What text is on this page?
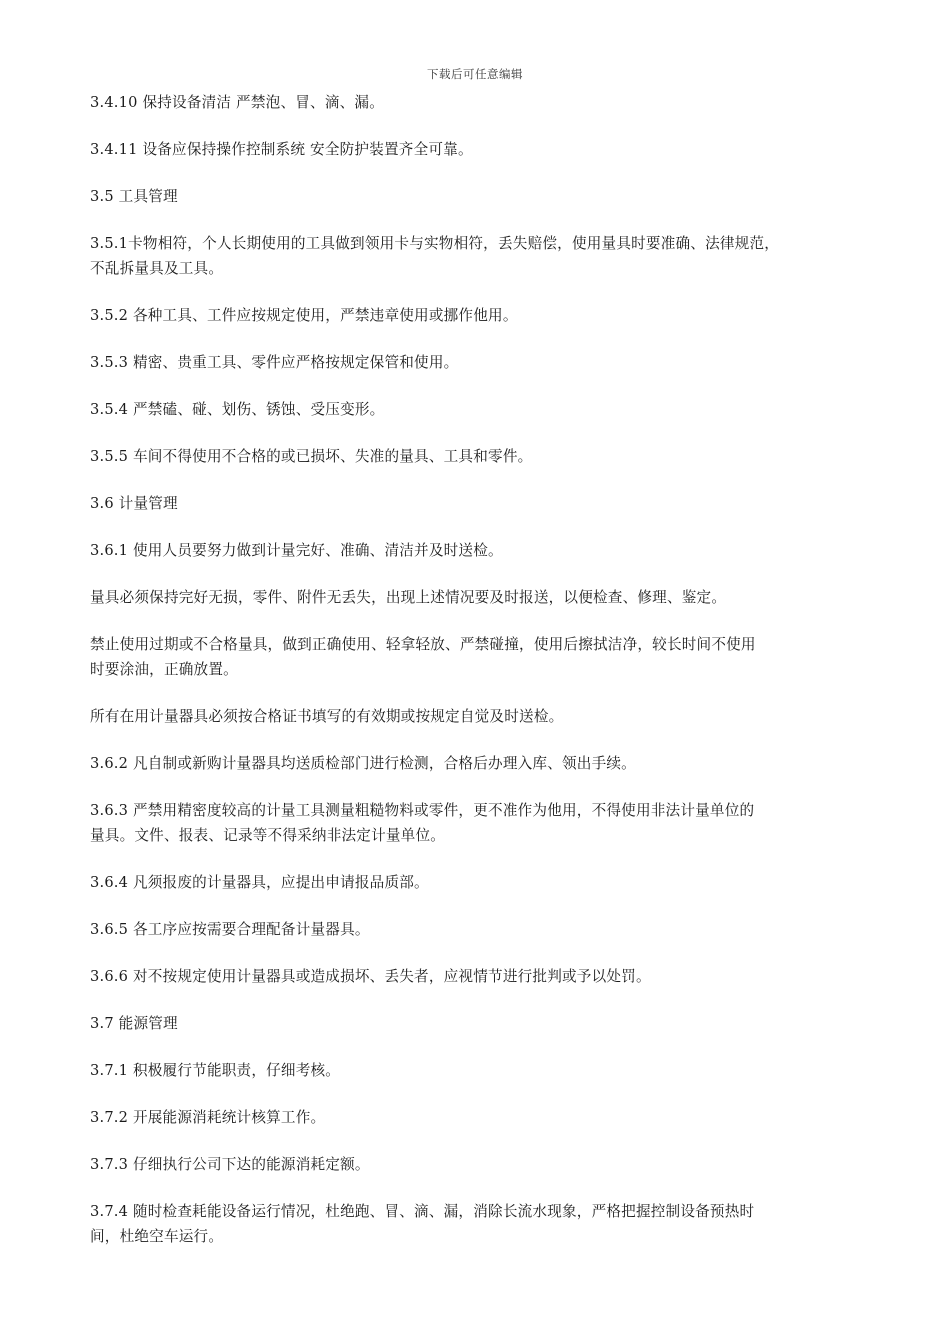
下载后可任意编辑

3.4.10 保持设备清洁 严禁泡、冒、滴、漏。

3.4.11 设备应保持操作控制系统 安全防护装置齐全可靠。

3.5 工具管理

3.5.1卡物相符，个人长期使用的工具做到领用卡与实物相符，丢失赔偿，使用量具时要准确、法律规范，
不乱拆量具及工具。

3.5.2 各种工具、工件应按规定使用，严禁违章使用或挪作他用。

3.5.3 精密、贵重工具、零件应严格按规定保管和使用。

3.5.4 严禁磕、碰、划伤、锈蚀、受压变形。

3.5.5 车间不得使用不合格的或已损坏、失准的量具、工具和零件。

3.6 计量管理

3.6.1 使用人员要努力做到计量完好、准确、清洁并及时送检。

量具必须保持完好无损，零件、附件无丢失，出现上述情况要及时报送，以便检查、修理、鉴定。

禁止使用过期或不合格量具，做到正确使用、轻拿轻放、严禁碰撞，使用后擦拭洁净，较长时间不使用
时要涂油，正确放置。

所有在用计量器具必须按合格证书填写的有效期或按规定自觉及时送检。

3.6.2 凡自制或新购计量器具均送质检部门进行检测，合格后办理入库、领出手续。

3.6.3 严禁用精密度较高的计量工具测量粗糙物料或零件，更不准作为他用，不得使用非法计量单位的
量具。文件、报表、记录等不得采纳非法定计量单位。

3.6.4 凡须报废的计量器具，应提出申请报品质部。

3.6.5 各工序应按需要合理配备计量器具。

3.6.6 对不按规定使用计量器具或造成损坏、丢失者，应视情节进行批判或予以处罚。

3.7 能源管理

3.7.1 积极履行节能职责，仔细考核。

3.7.2 开展能源消耗统计核算工作。

3.7.3 仔细执行公司下达的能源消耗定额。

3.7.4 随时检查耗能设备运行情况，杜绝跑、冒、滴、漏，消除长流水现象，严格把握控制设备预热时
间，杜绝空车运行。
